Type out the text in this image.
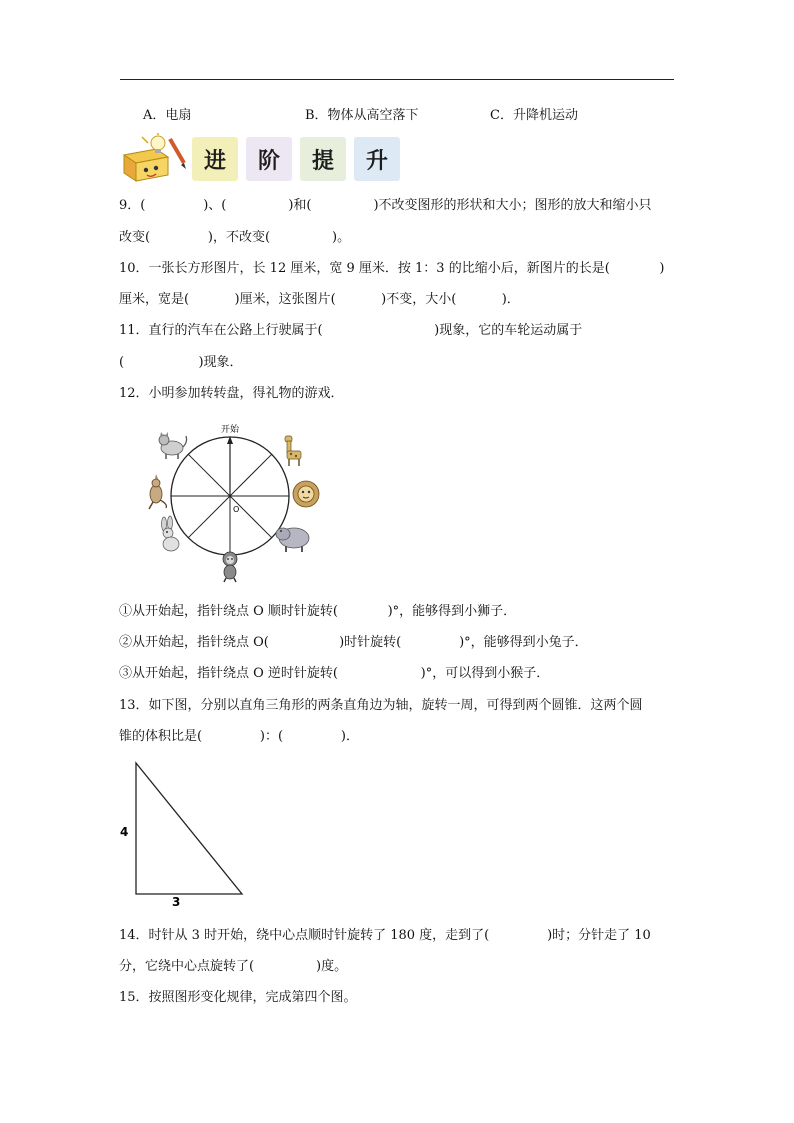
A．电扇	B．物体从高空落下	C．升降机运动
进	阶	提	升
9．(              )、(               )和(               )不改变图形的形状和大小；图形的放大和缩小只
改变(              )，不改变(               )。
10．一张长方形图片，长 12 厘米，宽 9 厘米．按 1：3 的比缩小后，新图片的长是(            )
厘米，宽是(           )厘米，这张图片(           )不变，大小(           )．
11．直行的汽车在公路上行驶属于(                           )现象，它的车轮运动属于
(                  )现象．
12．小明参加转转盘，得礼物的游戏．
开始
O
①从开始起，指针绕点 O 顺时针旋转(            )°，能够得到小狮子．
②从开始起，指针绕点 O(                 )时针旋转(              )°，能够得到小兔子．
③从开始起，指针绕点 O 逆时针旋转(                    )°，可以得到小猴子．
13．如下图，分别以直角三角形的两条直角边为轴，旋转一周，可得到两个圆锥．这两个圆
锥的体积比是(              )：(              )．
4
3
14．时针从 3 时开始，绕中心点顺时针旋转了 180 度，走到了(              )时；分针走了 10
分，它绕中心点旋转了(               )度。
15．按照图形变化规律，完成第四个图。
